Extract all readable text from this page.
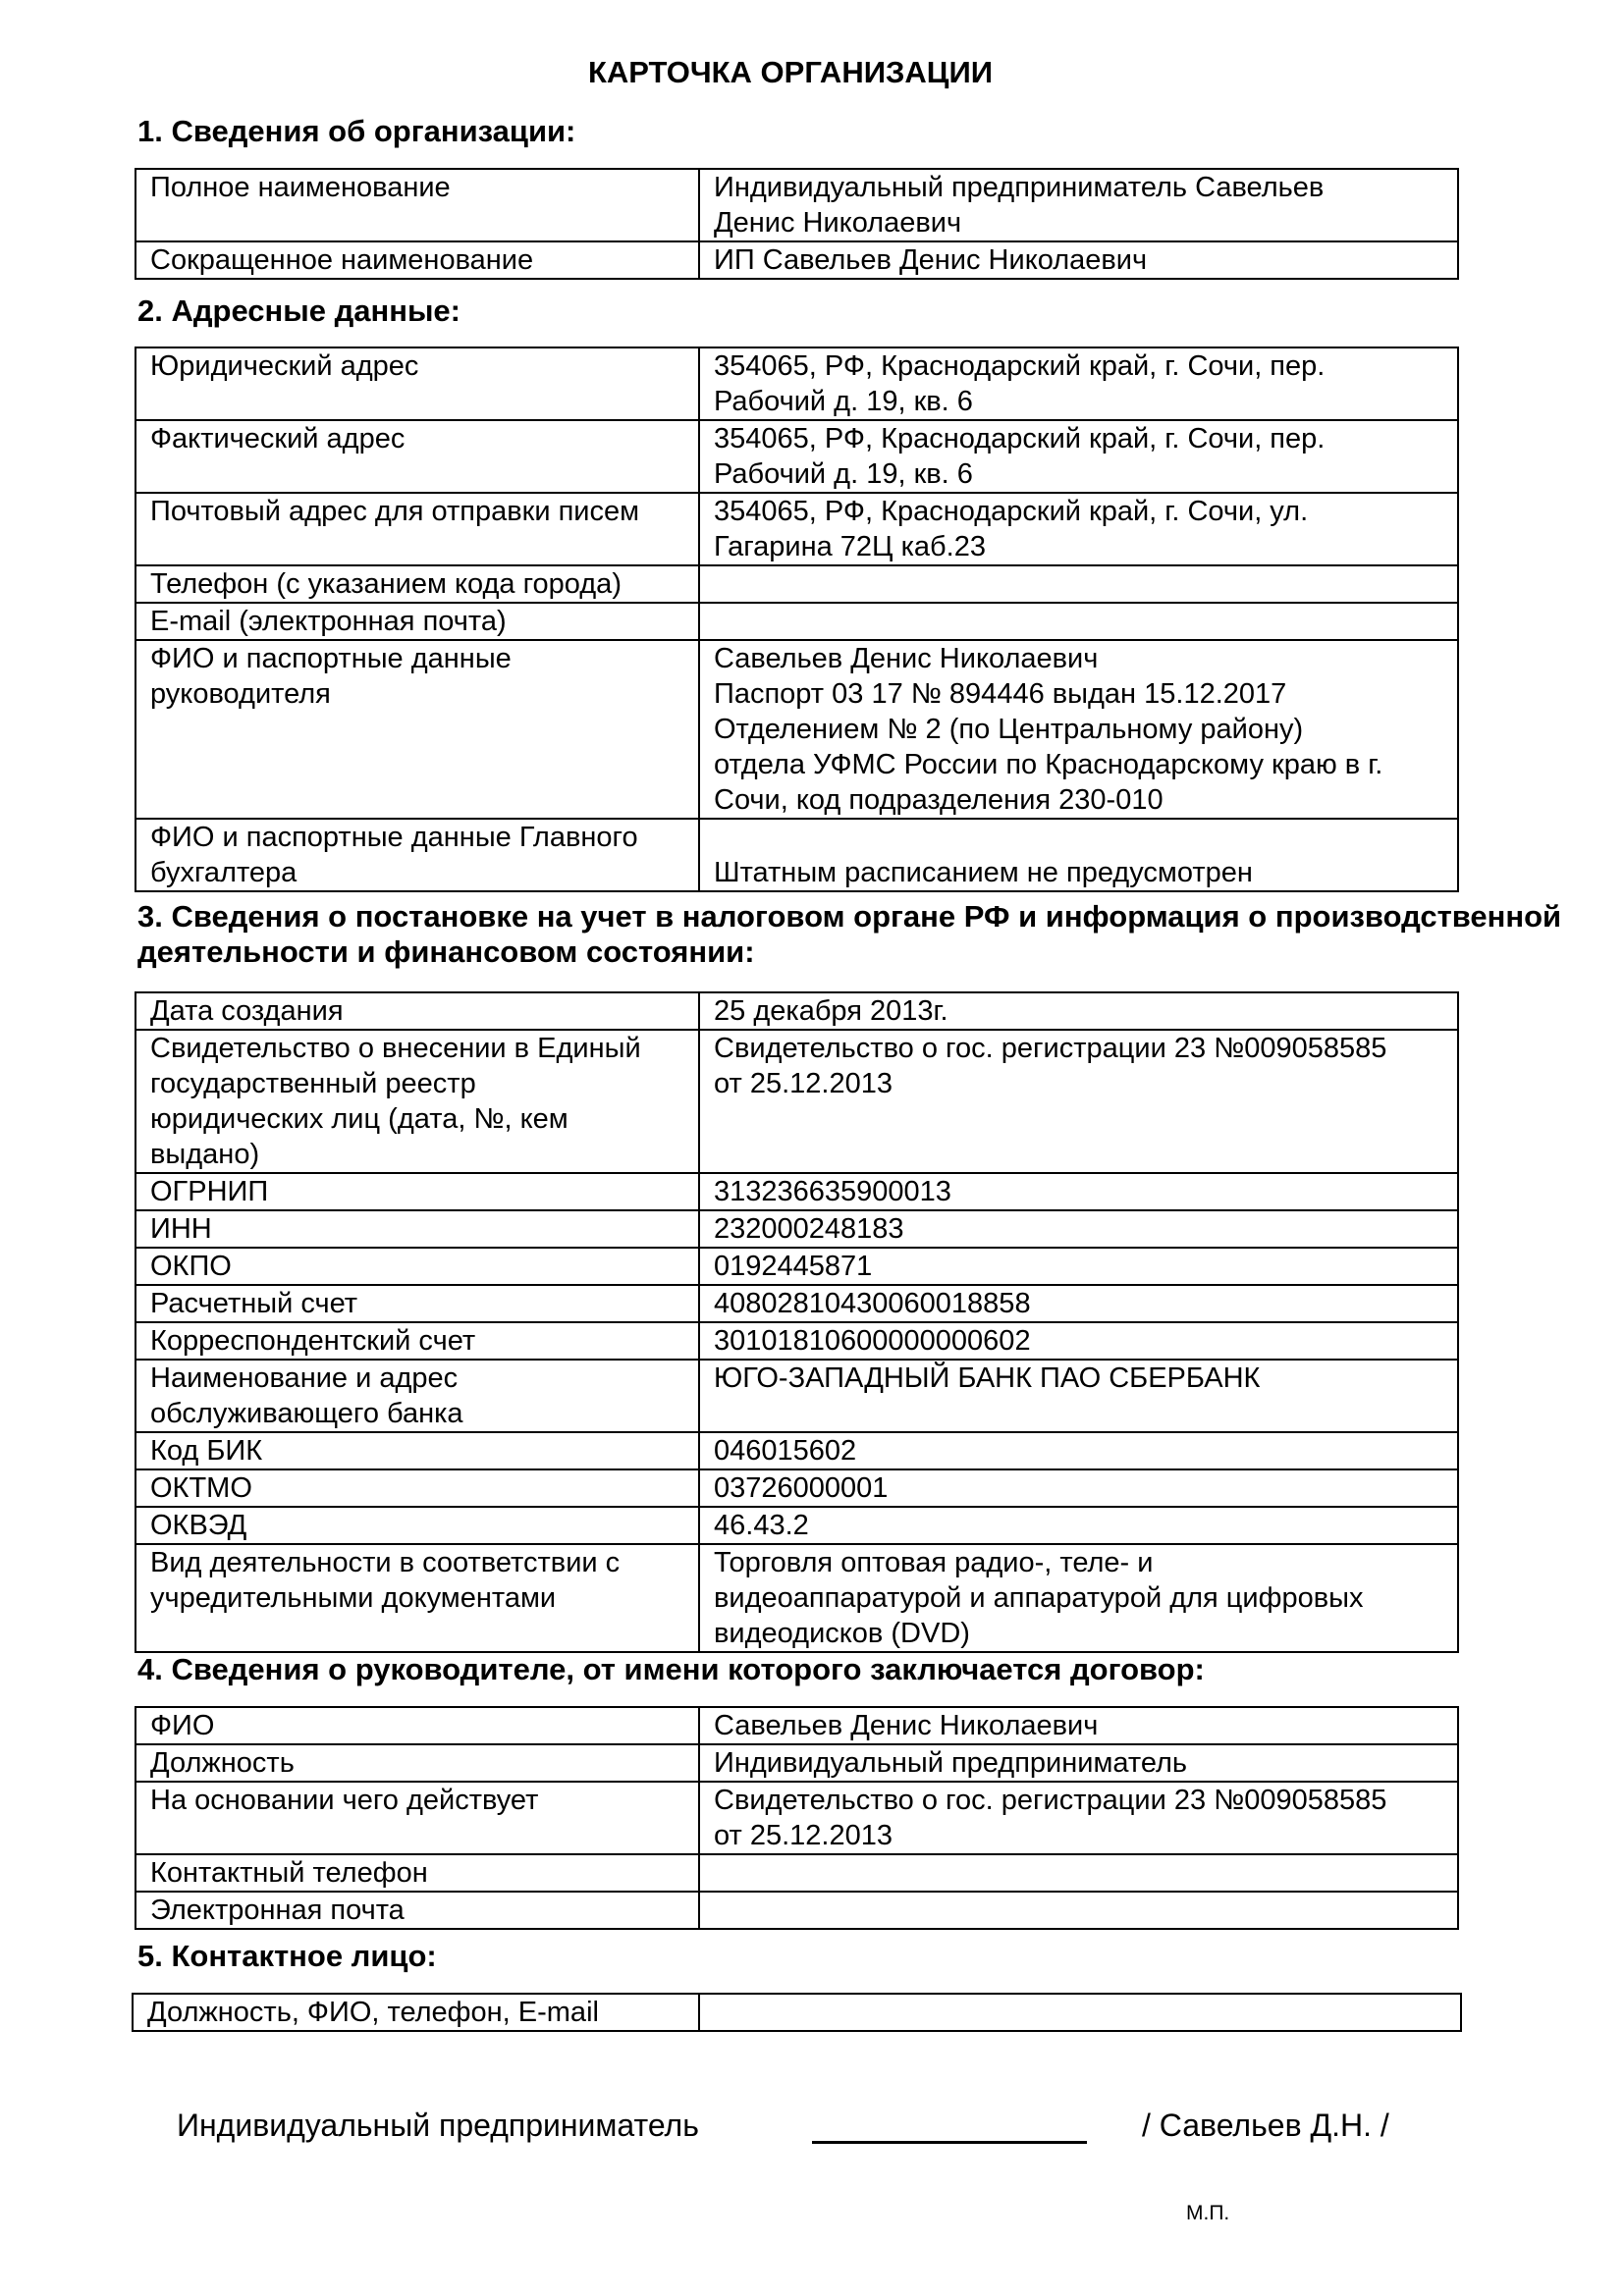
КАРТОЧКА ОРГАНИЗАЦИИ
1. Сведения об организации:
Полное наименование	Индивидуальный предприниматель Савельев
Денис Николаевич
Сокращенное наименование	ИП Савельев Денис Николаевич
2. Адресные данные:
Юридический адрес	354065, РФ, Краснодарский край, г. Сочи, пер.
Рабочий д. 19, кв. 6
Фактический адрес	354065, РФ, Краснодарский край, г. Сочи, пер.
Рабочий д. 19, кв. 6
Почтовый адрес для отправки писем	354065, РФ, Краснодарский край, г. Сочи, ул.
Гагарина 72Ц каб.23
Телефон (с указанием кода города)	
E-mail (электронная почта)	
ФИО и паспортные данные
руководителя	Савельев Денис Николаевич
Паспорт 03 17 № 894446 выдан 15.12.2017
Отделением № 2 (по Центральному району)
отдела УФМС России по Краснодарскому краю в г.
Сочи, код подразделения 230-010
ФИО и паспортные данные Главного
бухгалтера	Штатным расписанием не предусмотрен
3. Сведения о постановке на учет в налоговом органе РФ и информация о производственной деятельности и финансовом состоянии:
Дата создания	25 декабря 2013г.
Свидетельство о внесении в Единый
государственный реестр
юридических лиц (дата, №, кем
выдано)	Свидетельство о гос. регистрации 23 №009058585
от 25.12.2013
ОГРНИП	313236635900013
ИНН	232000248183
ОКПО	0192445871
Расчетный счет	40802810430060018858
Корреспондентский счет	30101810600000000602
Наименование и адрес
обслуживающего банка	ЮГО-ЗАПАДНЫЙ БАНК ПАО СБЕРБАНК
Код БИК	046015602
ОКТМО	03726000001
ОКВЭД	46.43.2
Вид деятельности в соответствии с
учредительными документами	Торговля оптовая радио-, теле- и
видеоаппаратурой и аппаратурой для цифровых
видеодисков (DVD)
4. Сведения о руководителе, от имени которого заключается договор:
ФИО	Савельев Денис Николаевич
Должность	Индивидуальный предприниматель
На основании чего действует	Свидетельство о гос. регистрации 23 №009058585
от 25.12.2013
Контактный телефон	
Электронная почта	
5. Контактное лицо:
Должность, ФИО, телефон, E-mail	
Индивидуальный предприниматель	/ Савельев Д.Н. /
М.П.
